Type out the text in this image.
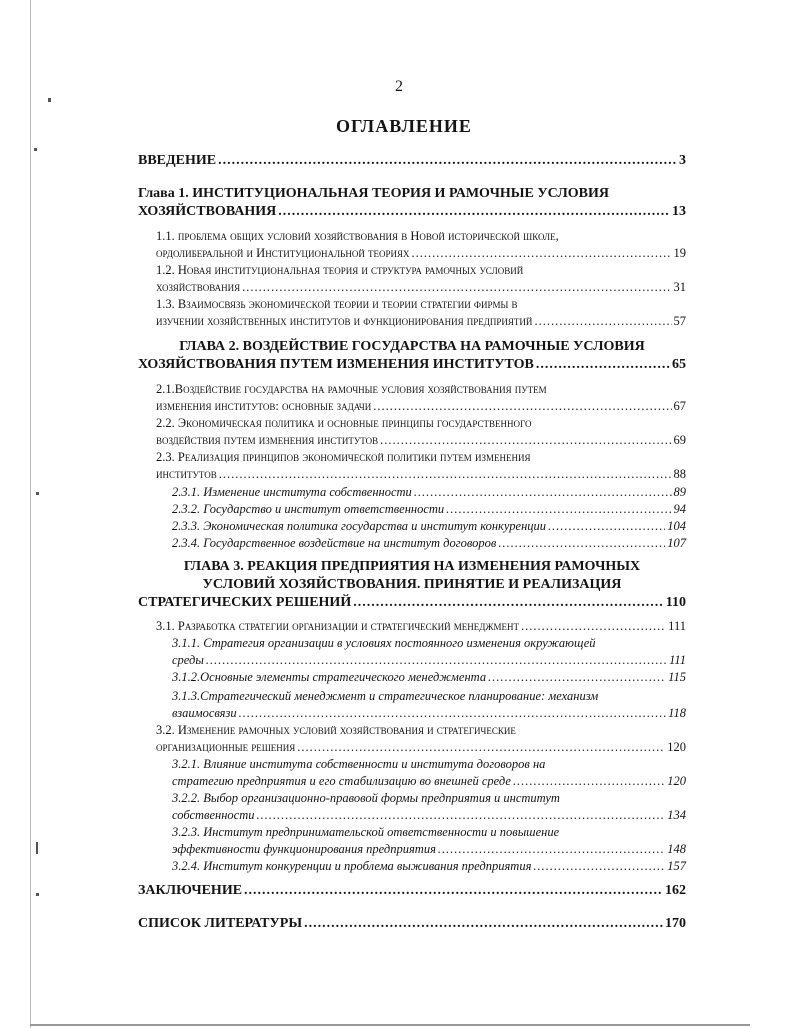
2
ОГЛАВЛЕНИЕ
ВВЕДЕНИЕ .....	3
Глава 1. ИНСТИТУЦИОНАЛЬНАЯ ТЕОРИЯ И РАМОЧНЫЕ УСЛОВИЯ
ХОЗЯЙСТВОВАНИЯ .....	13
1.1. проблема общих условий хозяйствования в Новой исторической школе,
ордолиберальной и Институциональной теориях .....	19
1.2. Новая институциональная теория и структура рамочных условий
хозяйствования .....	31
1.3. Взаимосвязь экономической теории и теории стратегии фирмы в
изучении хозяйственных институтов и функционирования предприятий .....	57
ГЛАВА 2. ВОЗДЕЙСТВИЕ ГОСУДАРСТВА НА РАМОЧНЫЕ УСЛОВИЯ
ХОЗЯЙСТВОВАНИЯ ПУТЕМ ИЗМЕНЕНИЯ ИНСТИТУТОВ .....	65
2.1.Воздействие государства на рамочные условия хозяйствования путем
изменения институтов: основные задачи .....	67
2.2. Экономическая политика и основные принципы государственного
воздействия путем изменения институтов .....	69
2.3. Реализация принципов экономической политики путем изменения
институтов .....	88
2.3.1. Изменение института собственности .....	89
2.3.2. Государство и институт ответственности .....	94
2.3.3. Экономическая политика государства и институт конкуренции .....	104
2.3.4. Государственное воздействие на институт договоров .....	107
ГЛАВА 3. РЕАКЦИЯ ПРЕДПРИЯТИЯ НА ИЗМЕНЕНИЯ РАМОЧНЫХ
УСЛОВИЙ ХОЗЯЙСТВОВАНИЯ. ПРИНЯТИЕ И РЕАЛИЗАЦИЯ
СТРАТЕГИЧЕСКИХ РЕШЕНИЙ .....	110
3.1. Разработка стратегии организации и стратегический менеджмент .....	111
3.1.1. Стратегия организации в условиях постоянного изменения окружающей
среды .....	111
3.1.2.Основные элементы стратегического менеджмента .....	115
3.1.3.Стратегический менеджмент и стратегическое планирование: механизм
взаимосвязи .....	118
3.2. Изменение рамочных условий хозяйствования и стратегические
организационные решения .....	120
3.2.1. Влияние института собственности и института договоров на
стратегию предприятия и его стабилизацию во внешней среде .....	120
3.2.2. Выбор организационно-правовой формы предприятия и институт
собственности .....	134
3.2.3. Институт предпринимательской ответственности и повышение
эффективности функционирования предприятия .....	148
3.2.4. Институт конкуренции и проблема выживания предприятия .....	157
ЗАКЛЮЧЕНИЕ .....	162
СПИСОК ЛИТЕРАТУРЫ .....	170
